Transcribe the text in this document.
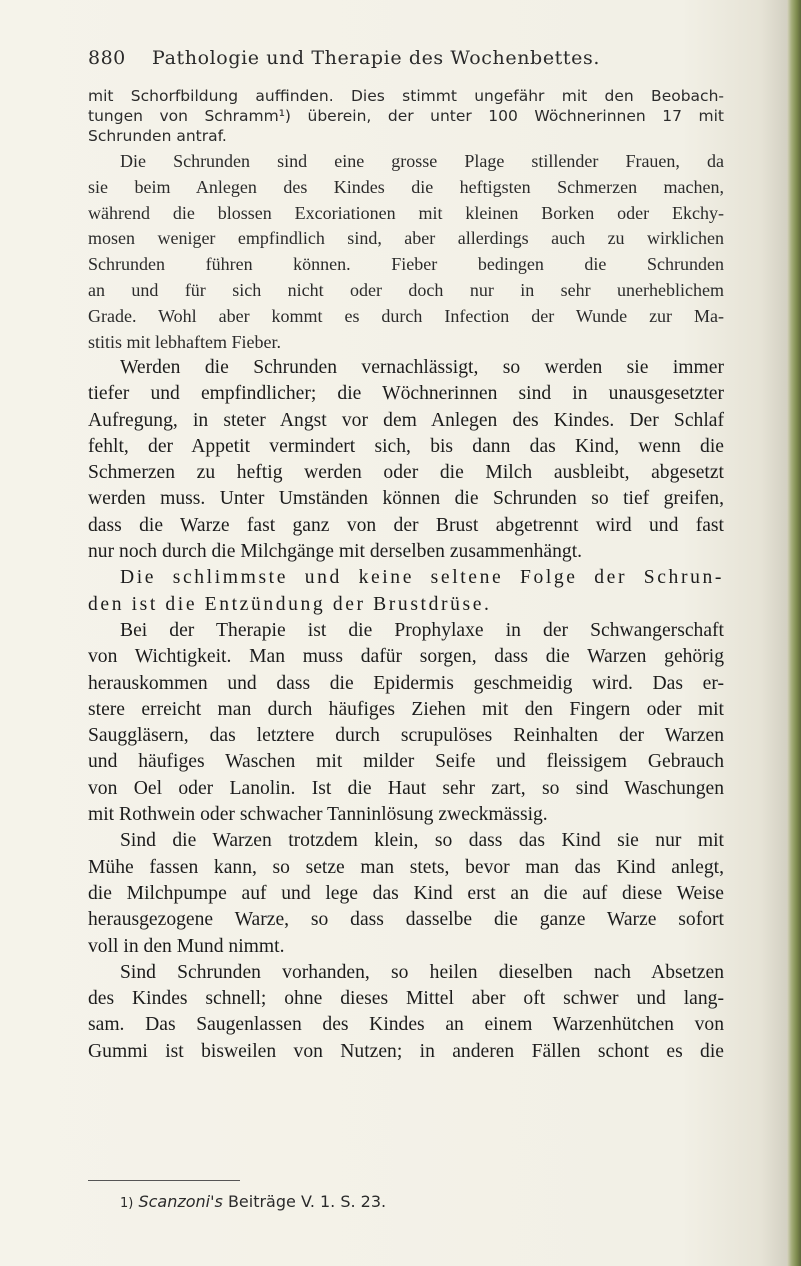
880 Pathologie und Therapie des Wochenbettes.
mit Schorfbildung auffinden. Dies stimmt ungefähr mit den Beobach-
tungen von Schramm¹) überein, der unter 100 Wöchnerinnen 17 mit
Schrunden antraf.
Die Schrunden sind eine grosse Plage stillender Frauen, da
sie beim Anlegen des Kindes die heftigsten Schmerzen machen,
während die blossen Excoriationen mit kleinen Borken oder Ekchy-
mosen weniger empfindlich sind, aber allerdings auch zu wirklichen
Schrunden führen können. Fieber bedingen die Schrunden
an und für sich nicht oder doch nur in sehr unerheblichem
Grade. Wohl aber kommt es durch Infection der Wunde zur Ma-
stitis mit lebhaftem Fieber.
Werden die Schrunden vernachlässigt, so werden sie immer
tiefer und empfindlicher; die Wöchnerinnen sind in unausgesetzter
Aufregung, in steter Angst vor dem Anlegen des Kindes. Der Schlaf
fehlt, der Appetit vermindert sich, bis dann das Kind, wenn die
Schmerzen zu heftig werden oder die Milch ausbleibt, abgesetzt
werden muss. Unter Umständen können die Schrunden so tief greifen,
dass die Warze fast ganz von der Brust abgetrennt wird und fast
nur noch durch die Milchgänge mit derselben zusammenhängt.
Die schlimmste und keine seltene Folge der Schrun-
den ist die Entzündung der Brustdrüse.
Bei der Therapie ist die Prophylaxe in der Schwangerschaft
von Wichtigkeit. Man muss dafür sorgen, dass die Warzen gehörig
herauskommen und dass die Epidermis geschmeidig wird. Das er-
stere erreicht man durch häufiges Ziehen mit den Fingern oder mit
Sauggläsern, das letztere durch scrupulöses Reinhalten der Warzen
und häufiges Waschen mit milder Seife und fleissigem Gebrauch
von Oel oder Lanolin. Ist die Haut sehr zart, so sind Waschungen
mit Rothwein oder schwacher Tanninlösung zweckmässig.
Sind die Warzen trotzdem klein, so dass das Kind sie nur mit
Mühe fassen kann, so setze man stets, bevor man das Kind anlegt,
die Milchpumpe auf und lege das Kind erst an die auf diese Weise
herausgezogene Warze, so dass dasselbe die ganze Warze sofort
voll in den Mund nimmt.
Sind Schrunden vorhanden, so heilen dieselben nach Absetzen
des Kindes schnell; ohne dieses Mittel aber oft schwer und lang-
sam. Das Saugenlassen des Kindes an einem Warzenhütchen von
Gummi ist bisweilen von Nutzen; in anderen Fällen schont es die
1) Scanzoni's Beiträge V. 1. S. 23.
